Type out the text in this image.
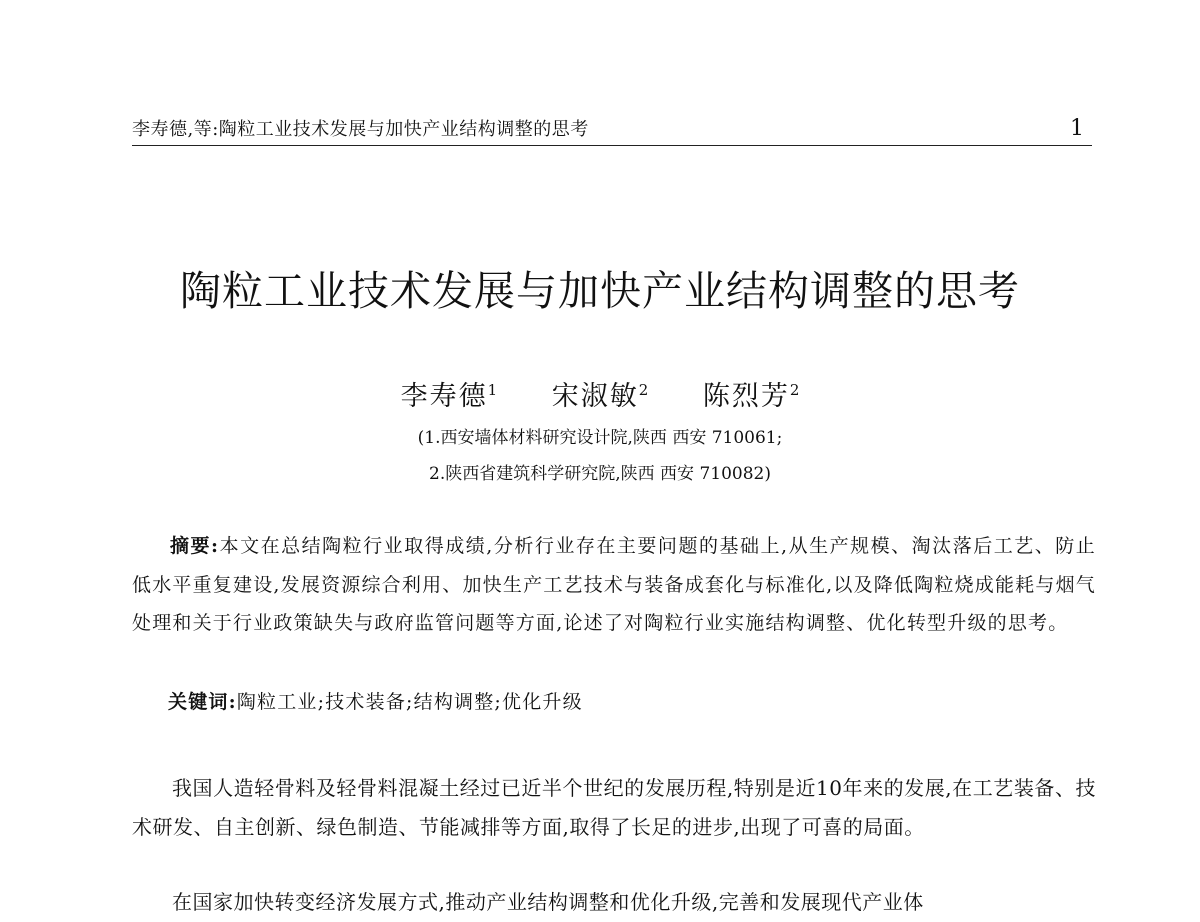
李寿德,等:陶粒工业技术发展与加快产业结构调整的思考	1
陶粒工业技术发展与加快产业结构调整的思考
李寿德$^1$ 宋淑敏$^2$ 陈烈芳$^2$
(1.西安墙体材料研究设计院,陕西 西安 710061;
2.陕西省建筑科学研究院,陕西 西安 710082)

摘要:本文在总结陶粒行业取得成绩,分析行业存在主要问题的基础上,从生产规模、淘汰落后工艺、防止低水平重复建设,发展资源综合利用、加快生产工艺技术与装备成套化与标准化,以及降低陶粒烧成能耗与烟气处理和关于行业政策缺失与政府监管问题等方面,论述了对陶粒行业实施结构调整、优化转型升级的思考。

关键词:陶粒工业;技术装备;结构调整;优化升级

我国人造轻骨料及轻骨料混凝土经过已近半个世纪的发展历程,特别是近10年来的发展,在工艺装备、技术研发、自主创新、绿色制造、节能减排等方面,取得了长足的进步,出现了可喜的局面。

在国家加快转变经济发展方式,推动产业结构调整和优化升级,完善和发展现代产业体
